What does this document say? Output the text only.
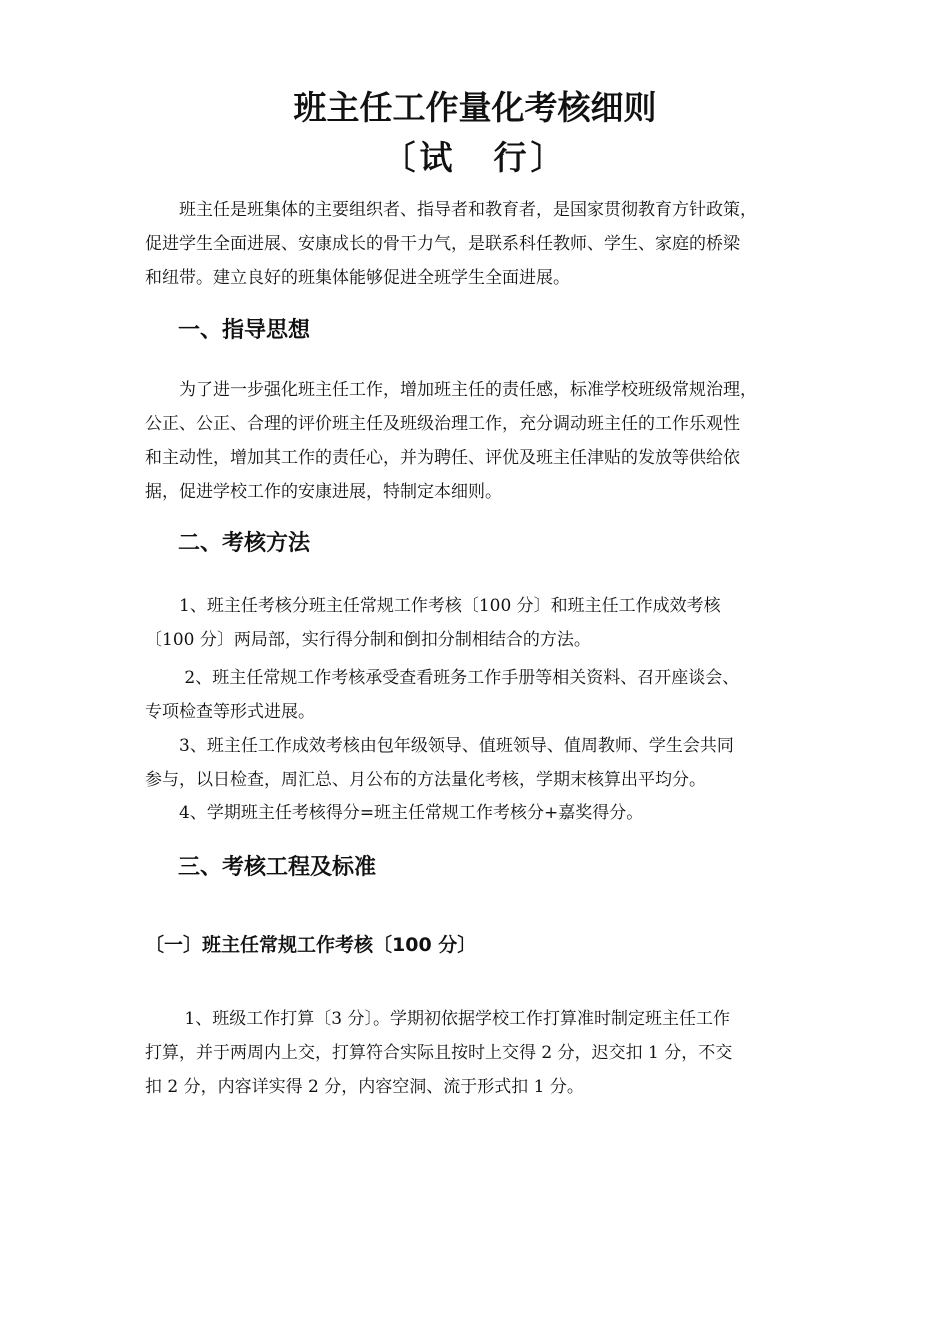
班主任工作量化考核细则
〔试　行〕

　　班主任是班集体的主要组织者、指导者和教育者，是国家贯彻教育方针政策，
促进学生全面进展、安康成长的骨干力气，是联系科任教师、学生、家庭的桥梁
和纽带。建立良好的班集体能够促进全班学生全面进展。

一、指导思想

　　为了进一步强化班主任工作，增加班主任的责任感，标准学校班级常规治理，
公正、公正、合理的评价班主任及班级治理工作，充分调动班主任的工作乐观性
和主动性，增加其工作的责任心，并为聘任、评优及班主任津贴的发放等供给依
据，促进学校工作的安康进展，特制定本细则。

二、考核方法

　　1、班主任考核分班主任常规工作考核〔100 分〕和班主任工作成效考核
〔100 分〕两局部，实行得分制和倒扣分制相结合的方法。

　　 2、班主任常规工作考核承受查看班务工作手册等相关资料、召开座谈会、
专项检查等形式进展。

　　3、班主任工作成效考核由包年级领导、值班领导、值周教师、学生会共同
参与，以日检查，周汇总、月公布的方法量化考核，学期末核算出平均分。

　　4、学期班主任考核得分=班主任常规工作考核分+嘉奖得分。

三、考核工程及标准
〔一〕班主任常规工作考核〔100 分〕

　　 1、班级工作打算〔3 分〕。学期初依据学校工作打算准时制定班主任工作
打算，并于两周内上交，打算符合实际且按时上交得 2 分，迟交扣 1 分，不交
扣 2 分，内容详实得 2 分，内容空洞、流于形式扣 1 分。
